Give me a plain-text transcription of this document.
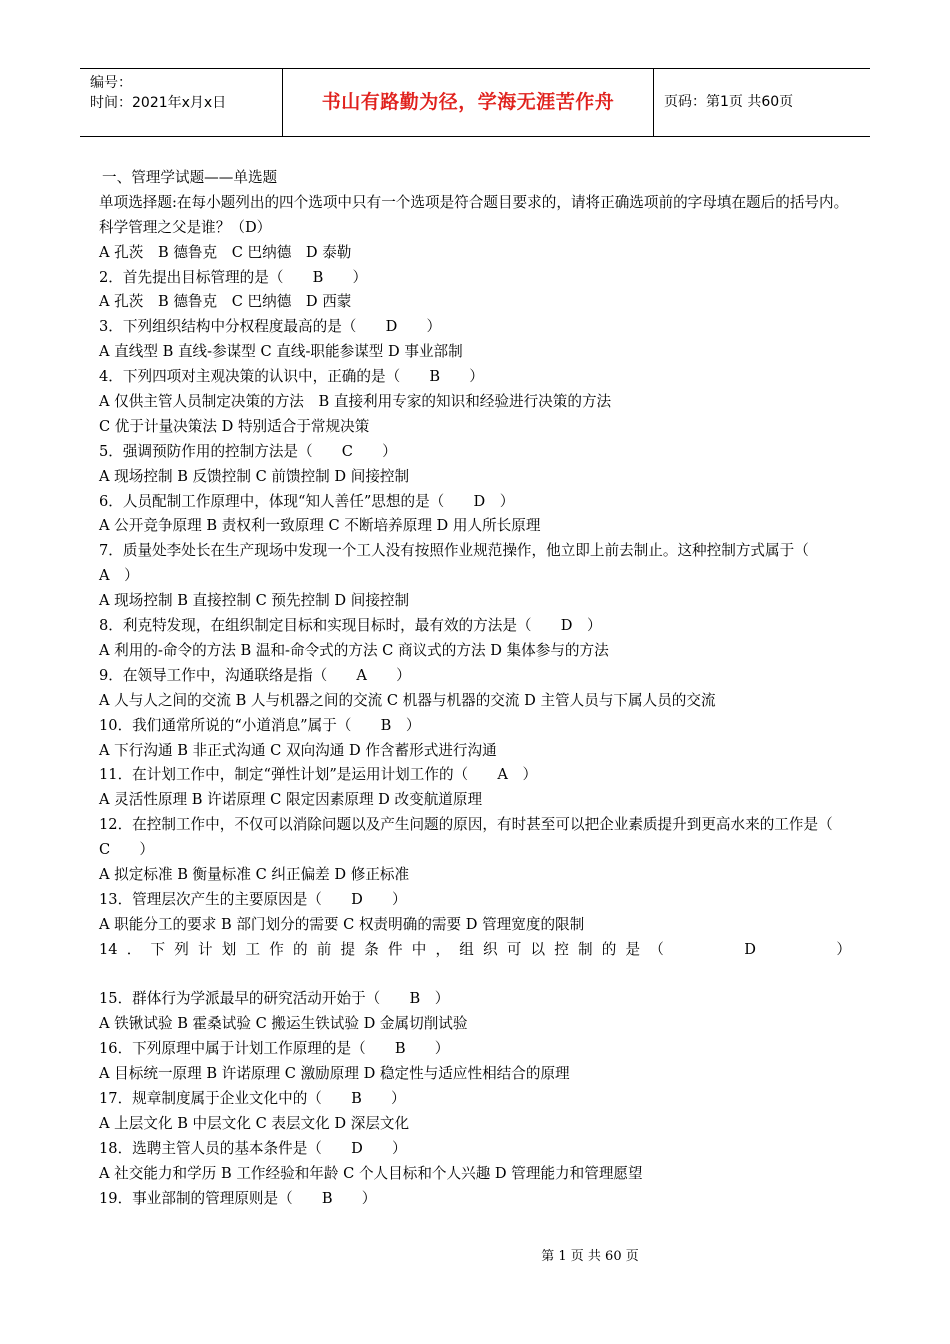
编号：
时间：2021年x月x日	书山有路勤为径，学海无涯苦作舟	页码：第1页 共60页
一、管理学试题——单选题
单项选择题:在每小题列出的四个选项中只有一个选项是符合题目要求的，请将正确选项前的字母填在题后的括号内。
科学管理之父是谁？（D）
A 孔茨　B 德鲁克　C 巴纳德　D 泰勒
2．首先提出目标管理的是（　　B　　）
A 孔茨　B 德鲁克　C 巴纳德　D 西蒙
3．下列组织结构中分权程度最高的是（　　D　　）
A 直线型 B 直线-参谋型 C 直线-职能参谋型 D 事业部制
4．下列四项对主观决策的认识中，正确的是（　　B　　）
A 仅供主管人员制定决策的方法　B 直接利用专家的知识和经验进行决策的方法
C 优于计量决策法 D 特别适合于常规决策
5．强调预防作用的控制方法是（　　C　　）
A 现场控制 B 反馈控制 C 前馈控制 D 间接控制
6．人员配制工作原理中，体现“知人善任”思想的是（　　D　）
A 公开竞争原理 B 责权利一致原理 C 不断培养原理 D 用人所长原理
7．质量处李处长在生产现场中发现一个工人没有按照作业规范操作，他立即上前去制止。这种控制方式属于（　A　）
A 现场控制 B 直接控制 C 预先控制 D 间接控制
8．利克特发现，在组织制定目标和实现目标时，最有效的方法是（　　D　）
A 利用的-命令的方法 B 温和-命令式的方法 C 商议式的方法 D 集体参与的方法
9．在领导工作中，沟通联络是指（　　A　　）
A 人与人之间的交流 B 人与机器之间的交流 C 机器与机器的交流 D 主管人员与下属人员的交流
10．我们通常所说的“小道消息”属于（　　B　）
A 下行沟通 B 非正式沟通 C 双向沟通 D 作含蓄形式进行沟通
11．在计划工作中，制定“弹性计划”是运用计划工作的（　　A　）
A 灵活性原理 B 许诺原理 C 限定因素原理 D 改变航道原理
12．在控制工作中，不仅可以消除问题以及产生问题的原因，有时甚至可以把企业素质提升到更高水来的工作是（　　C　　）
A 拟定标准 B 衡量标准 C 纠正偏差 D 修正标准
13．管理层次产生的主要原因是（　　D　　）
A 职能分工的要求 B 部门划分的需要 C 权责明确的需要 D 管理宽度的限制
14．下列计划工作的前提条件中，组织可以控制的是（　　　D　　　）
15．群体行为学派最早的研究活动开始于（　　B　）
A 铁锹试验 B 霍桑试验 C 搬运生铁试验 D 金属切削试验
16．下列原理中属于计划工作原理的是（　　B　　）
A 目标统一原理 B 许诺原理 C 激励原理 D 稳定性与适应性相结合的原理
17．规章制度属于企业文化中的（　　B　　）
A 上层文化 B 中层文化 C 表层文化 D 深层文化
18．选聘主管人员的基本条件是（　　D　　）
A 社交能力和学历 B 工作经验和年龄 C 个人目标和个人兴趣 D 管理能力和管理愿望
19．事业部制的管理原则是（　　B　　）
第 1 页 共 60 页
